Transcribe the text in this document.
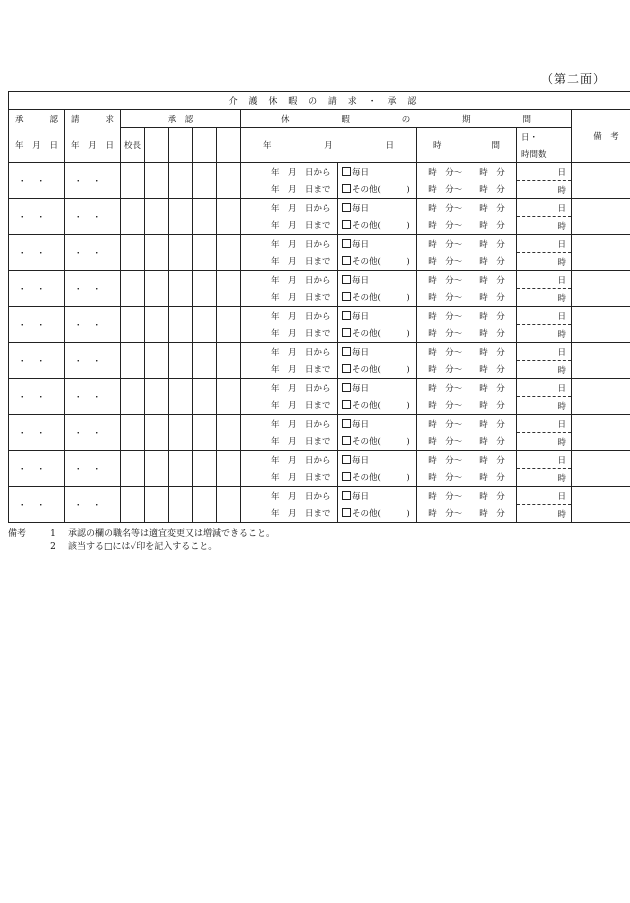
（第二面）
介 護 休 暇 の 請 求 ・ 承 認											

承 認	請 求	承　認					休 暇 の 期 間				備　考

年 月 日	年 月 日	校長					年 月 日		時 間	日・	
										時間数	
・・	・・						年　月　日から	毎日	時　分〜　　時　分	日	
							年　月　日まで	その他(　　　)	時　分〜　　時　分	時	
・・	・・						年　月　日から	毎日	時　分〜　　時　分	日	
							年　月　日まで	その他(　　　)	時　分〜　　時　分	時	
・・	・・						年　月　日から	毎日	時　分〜　　時　分	日	
							年　月　日まで	その他(　　　)	時　分〜　　時　分	時	
・・	・・						年　月　日から	毎日	時　分〜　　時　分	日	
							年　月　日まで	その他(　　　)	時　分〜　　時　分	時	
・・	・・						年　月　日から	毎日	時　分〜　　時　分	日	
							年　月　日まで	その他(　　　)	時　分〜　　時　分	時	
・・	・・						年　月　日から	毎日	時　分〜　　時　分	日	
							年　月　日まで	その他(　　　)	時　分〜　　時　分	時	
・・	・・						年　月　日から	毎日	時　分〜　　時　分	日	
							年　月　日まで	その他(　　　)	時　分〜　　時　分	時	
・・	・・						年　月　日から	毎日	時　分〜　　時　分	日	
							年　月　日まで	その他(　　　)	時　分〜　　時　分	時	
・・	・・						年　月　日から	毎日	時　分〜　　時　分	日	
							年　月　日まで	その他(　　　)	時　分〜　　時　分	時	
・・	・・						年　月　日から	毎日	時　分〜　　時　分	日	
							年　月　日まで	その他(　　　)	時　分〜　　時　分	時	
備考	1	承認の欄の職名等は適宜変更又は増減できること。
2	該当する□には✓印を記入すること。
